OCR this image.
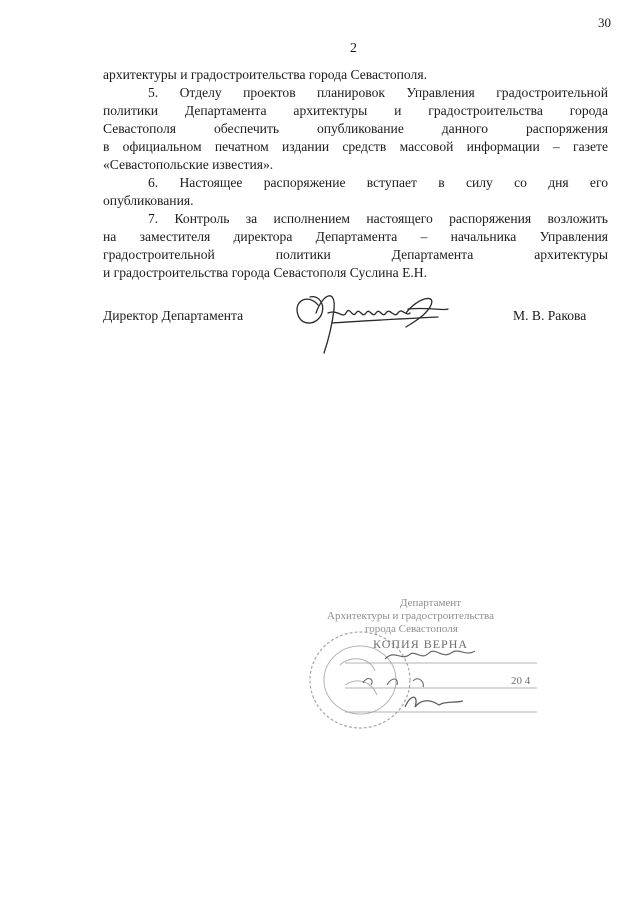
30
2
архитектуры и градостроительства города Севастополя.
5. Отделу проектов планировок Управления градостроительной
политики Департамента архитектуры и градостроительства города
Севастополя обеспечить опубликование данного распоряжения
в официальном печатном издании средств массовой информации – газете
«Севастопольские известия».
6. Настоящее распоряжение вступает в силу со дня его
опубликования.
7. Контроль за исполнением настоящего распоряжения возложить
на заместителя директора Департамента – начальника Управления
градостроительной политики Департамента архитектуры
и градостроительства города Севастополя Суслина Е.Н.
Директор Департамента	М. В. Ракова
Департамент
Архитектуры и градостроительства
города Севастополя
КОПИЯ ВЕРНА
20 4
